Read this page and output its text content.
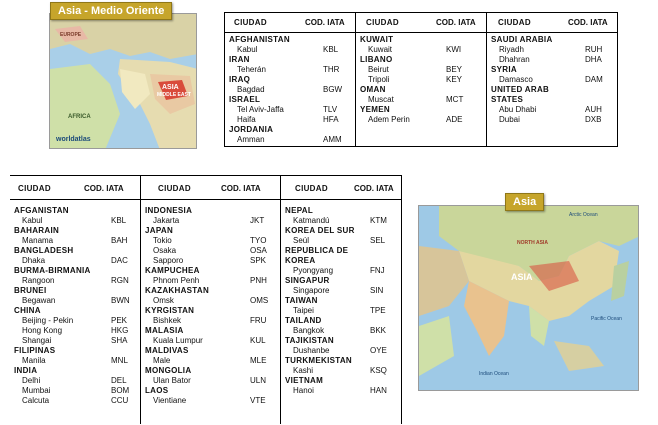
ASIA
MIDDLE EAST
AFRICA
EUROPE
worldatlas
Asia - Medio Oriente
CIUDAD	COD. IATA
AFGHANISTAN
Kabul	KBL
IRAN
Teherán	THR
IRAQ
Bagdad	BGW
ISRAEL
Tel Aviv-Jaffa	TLV
Haifa	HFA
JORDANIA
Amman	AMM
CIUDAD	COD. IATA
KUWAIT
Kuwait	KWI
LIBANO
Beirut	BEY
Tripoli	KEY
OMAN
Muscat	MCT
YEMEN
Adem Perin	ADE
CIUDAD	COD. IATA
SAUDI ARABIA
Riyadh	RUH
Dhahran	DHA
SYRIA
Damasco	DAM
UNITED ARAB
STATES
Abu Dhabi	AUH
Dubai	DXB
CIUDAD	COD. IATA
AFGANISTAN
Kabul	KBL
BAHARAIN
Manama	BAH
BANGLADESH
Dhaka	DAC
BURMA-BIRMANIA
Rangoon	RGN
BRUNEI
Begawan	BWN
CHINA
Beijing - Pekin	PEK
Hong Kong	HKG
Shangai	SHA
FILIPINAS
Manila	MNL
INDIA
Delhi	DEL
Mumbai	BOM
Calcuta	CCU
CIUDAD	COD. IATA
INDONESIA
Jakarta	JKT
JAPAN
Tokio	TYO
Osaka	OSA
Sapporo	SPK
KAMPUCHEA
Phnom Penh	PNH
KAZAKHASTAN
Omsk	OMS
KYRGISTAN
Bishkek	FRU
MALASIA
Kuala Lumpur	KUL
MALDIVAS
Male	MLE
MONGOLIA
Ulan Bator	ULN
LAOS
Vientiane	VTE
CIUDAD	COD. IATA
NEPAL
Katmandú	KTM
KOREA DEL SUR
Seúl	SEL
REPUBLICA DE
KOREA
Pyongyang	FNJ
SINGAPUR
Singapore	SIN
TAIWAN
Taipei	TPE
TAILAND
Bangkok	BKK
TAJIKISTAN
Dushanbe	OYE
TURKMEKISTAN
Kashi	KSQ
VIETNAM
Hanoi	HAN
ASIA
NORTH ASIA
Pacific Ocean
Indian Ocean
Arctic Ocean
Asia
